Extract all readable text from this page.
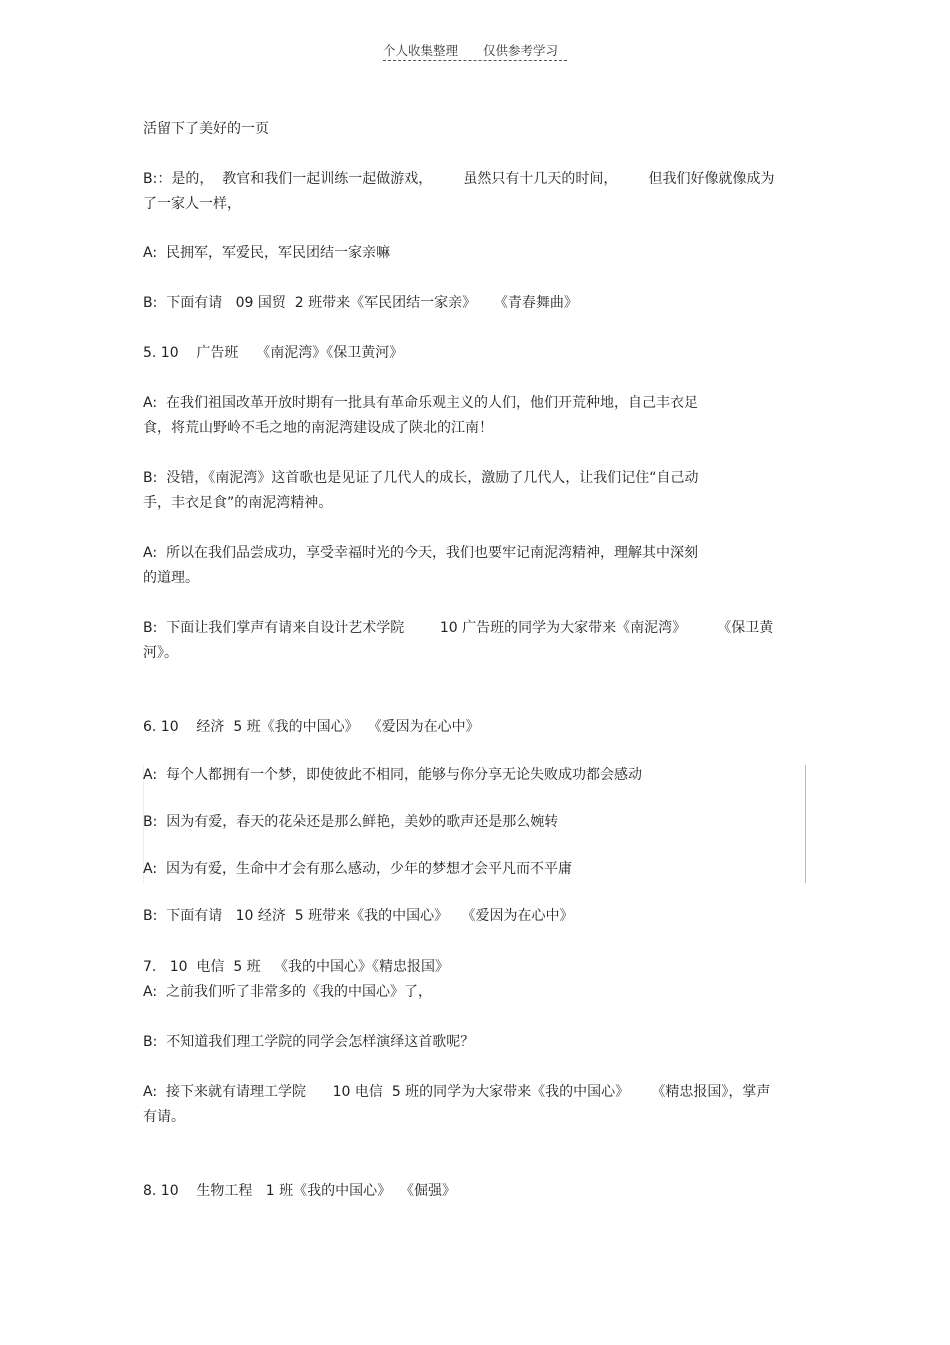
个人收集整理 仅供参考学习
活留下了美好的一页
B:：是的，  教官和我们一起训练一起做游戏，       虽然只有十几天的时间，       但我们好像就像成为
了一家人一样，
A:  民拥军，军爱民，军民团结一家亲嘛
B:  下面有请   09 国贸  2 班带来《军民团结一家亲》    《青春舞曲》
5. 10    广告班    《南泥湾》《保卫黄河》
A:  在我们祖国改革开放时期有一批具有革命乐观主义的人们，他们开荒种地，自己丰衣足
食，将荒山野岭不毛之地的南泥湾建设成了陕北的江南！
B:  没错，《南泥湾》这首歌也是见证了几代人的成长，激励了几代人，让我们记住“自己动
手，丰衣足食”的南泥湾精神。
A:  所以在我们品尝成功，享受幸福时光的今天，我们也要牢记南泥湾精神，理解其中深刻
的道理。
B:  下面让我们掌声有请来自设计艺术学院        10 广告班的同学为大家带来《南泥湾》       《保卫黄
河》。
6. 10    经济  5 班《我的中国心》  《爱因为在心中》
A:  每个人都拥有一个梦，即使彼此不相同，能够与你分享无论失败成功都会感动
B:  因为有爱，春天的花朵还是那么鲜艳，美妙的歌声还是那么婉转
A:  因为有爱，生命中才会有那么感动，少年的梦想才会平凡而不平庸
B:  下面有请   10 经济  5 班带来《我的中国心》   《爱因为在心中》
7.   10  电信  5 班   《我的中国心》《精忠报国》
A:  之前我们听了非常多的《我的中国心》了，
B:  不知道我们理工学院的同学会怎样演绎这首歌呢？
A:  接下来就有请理工学院      10 电信  5 班的同学为大家带来《我的中国心》     《精忠报国》，掌声
有请。
8. 10    生物工程   1 班《我的中国心》  《倔强》
